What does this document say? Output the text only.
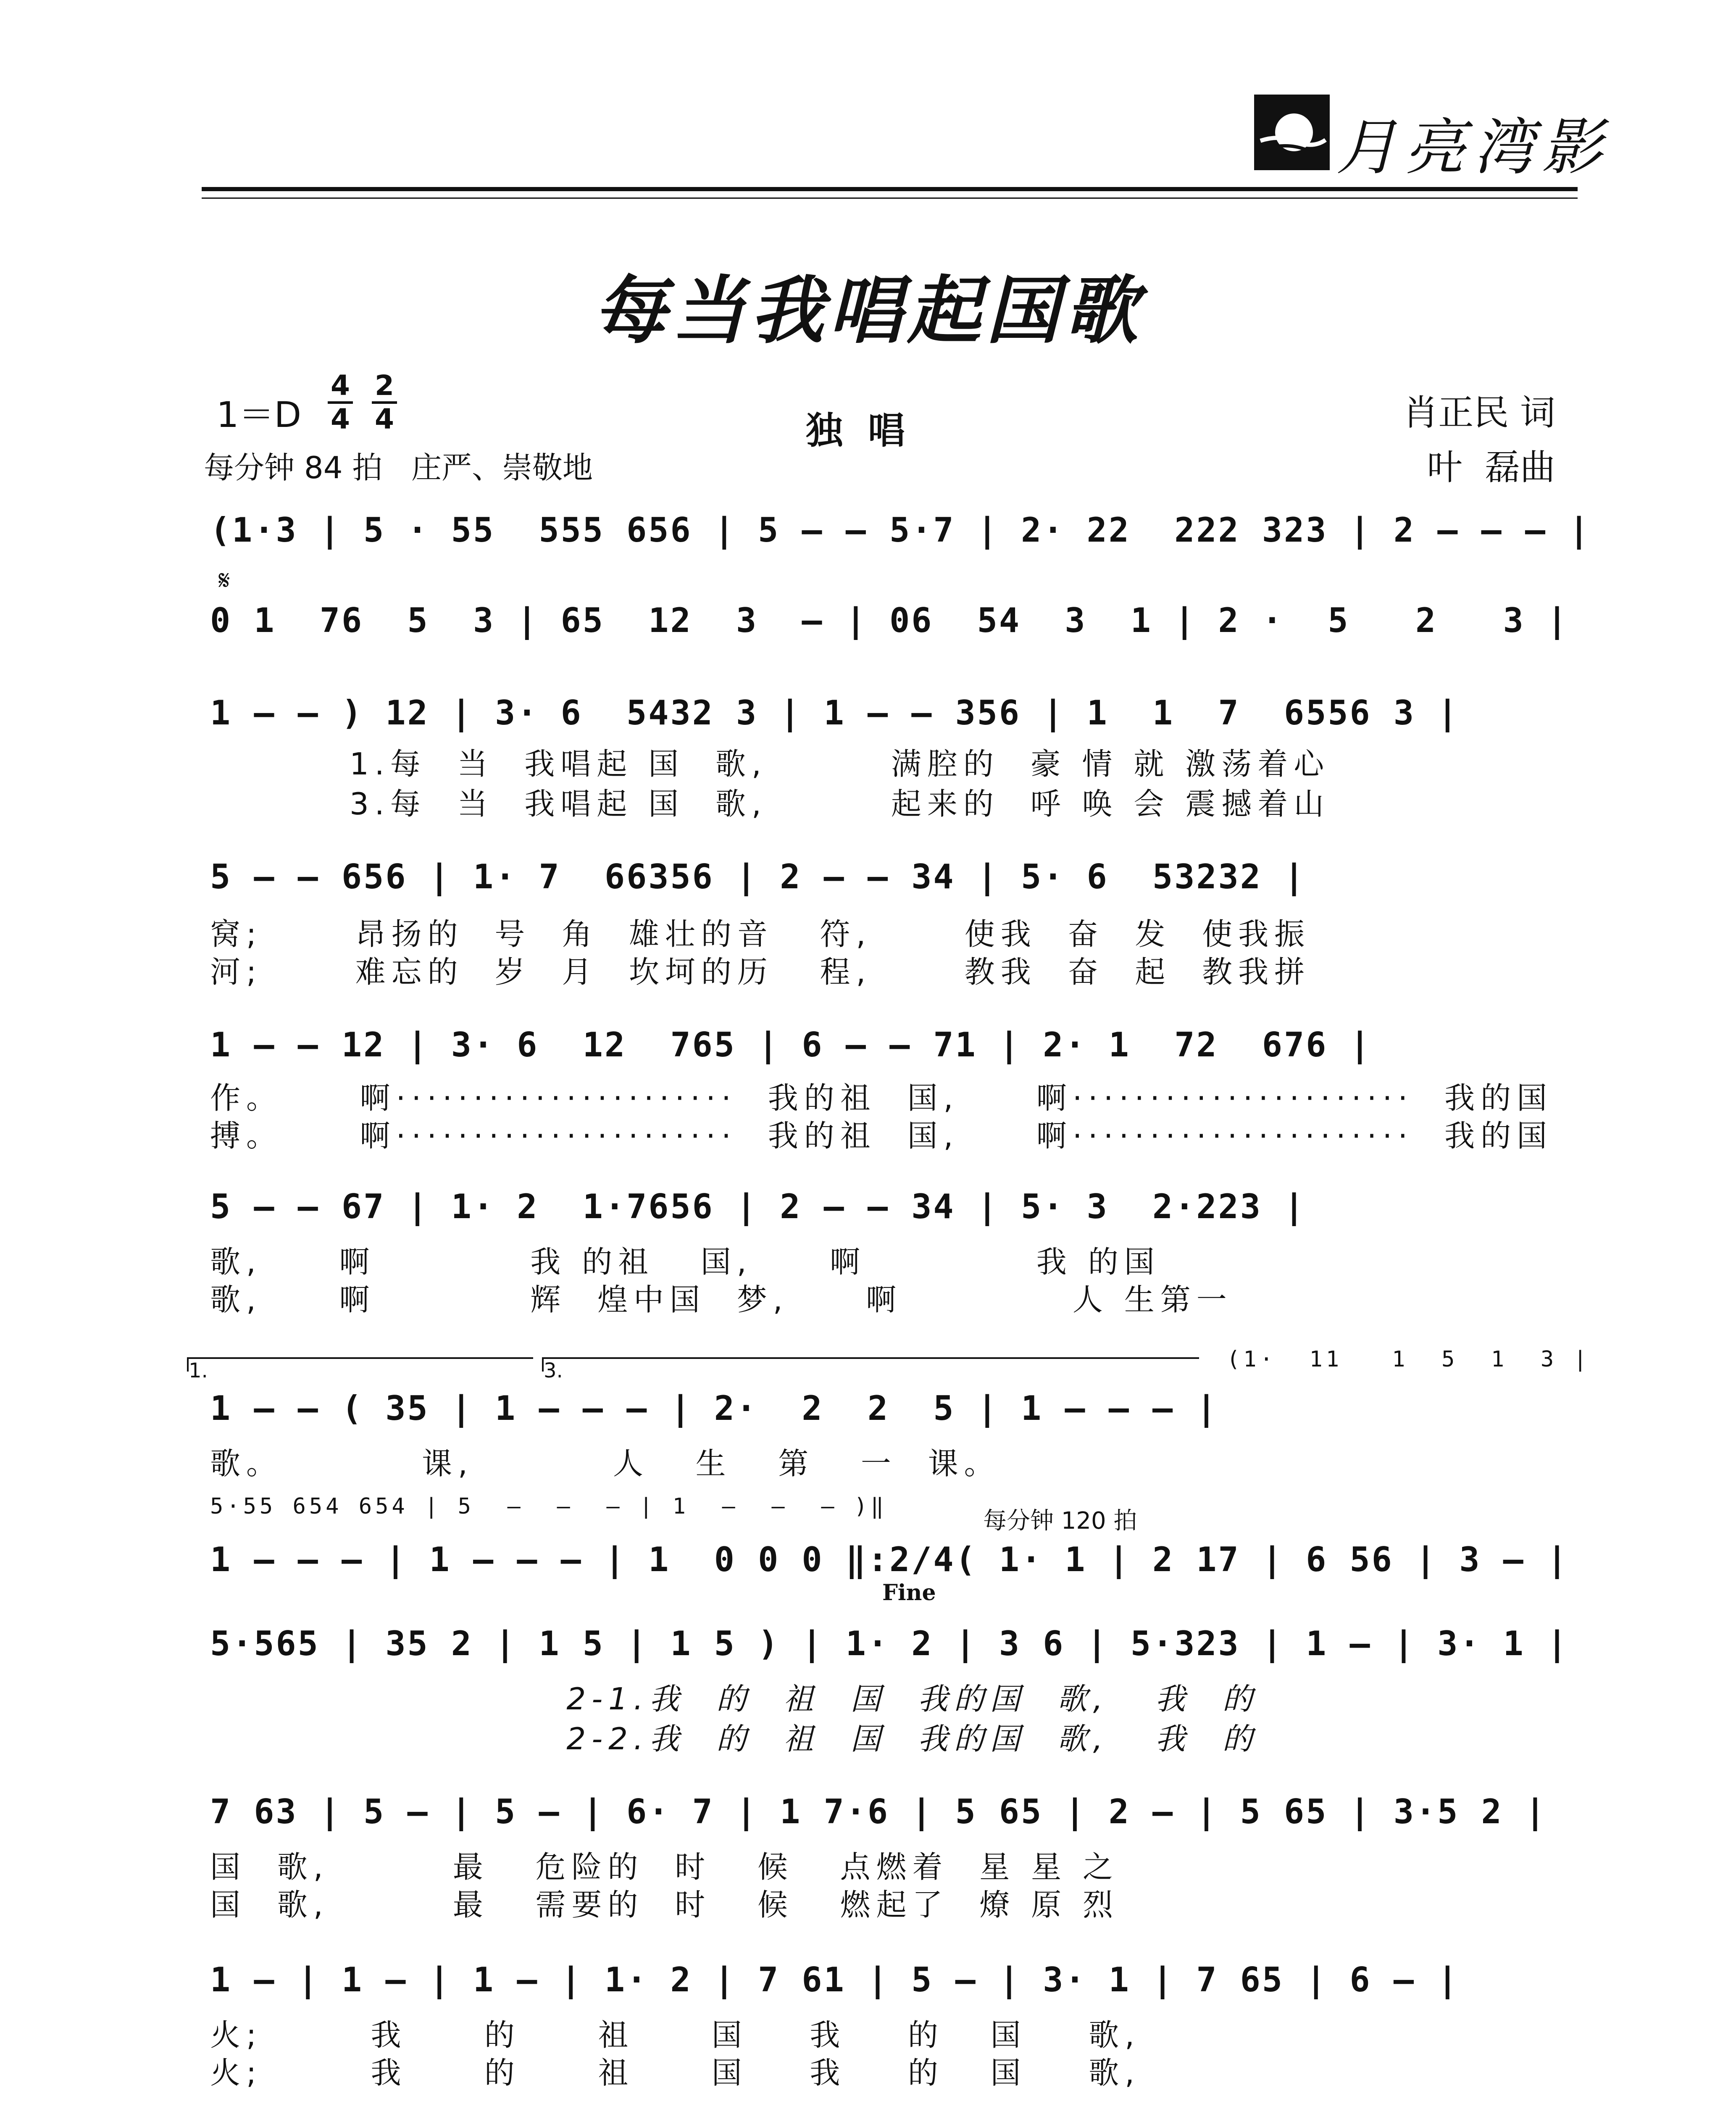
月亮湾影
每当我唱起国歌
1＝D
4
4
2
4	独唱	肖正民 词
叶  磊曲
每分钟 84 拍   庄严、崇敬地
(1·3 | 5 · 55  555 656 | 5 — — 5·7 | 2· 22  222 323 | 2 — — — |
𝄋
0 1  76  5  3 | 65  12  3  — | 06  54  3  1 | 2 ·  5   2   3 |
1 — — ) 12 | 3· 6  5432 3 | 1 — — 356 | 1  1  7  6556 3 |
1.每  当  我唱起 国  歌,        满腔的  豪 情 就 激荡着心
3.每  当  我唱起 国  歌,        起来的  呼 唤 会 震撼着山
5 — — 656 | 1· 7  66356 | 2 — — 34 | 5· 6  53232 |
窝;      昂扬的  号  角  雄壮的音   符,      使我  奋  发  使我振
河;      难忘的  岁  月  坎坷的历   程,      教我  奋  起  教我拼
1 — — 12 | 3· 6  12  765 | 6 — — 71 | 2· 1  72  676 |
作。     啊······················  我的祖  国,     啊······················  我的国
搏。     啊······················  我的祖  国,     啊······················  我的国
5 — — 67 | 1· 2  1·7656 | 2 — — 34 | 5· 3  2·223 |
歌,     啊          我 的祖   国,     啊           我 的国
歌,     啊          辉  煌中国  梦,     啊           人 生第一
1.	3.	(1·  11   1  5  1  3 |
1 — — ( 35 | 1 — — — | 2·  2  2  5 | 1 — — — |
歌。         课,         人   生   第   一  课。
5·55 654 654 | 5  —  —  — | 1  —  —  — )‖
每分钟 120 拍
1 — — — | 1 — — — | 1  0 0 0 ‖:2/4( 1· 1 | 2 17 | 6 56 | 3 — |
Fine
5·565 | 35 2 | 1 5 | 1 5 ) | 1· 2 | 3 6 | 5·323 | 1 — | 3· 1 |
2-1.我  的  祖  国  我的国  歌,   我  的
2-2.我  的  祖  国  我的国  歌,   我  的
7 63 | 5 — | 5 — | 6· 7 | 1 7·6 | 5 65 | 2 — | 5 65 | 3·5 2 |
国  歌,        最   危险的  时   候   点燃着  星 星 之
国  歌,        最   需要的  时   候   燃起了  燎 原 烈
1 — | 1 — | 1 — | 1· 2 | 7 61 | 5 — | 3· 1 | 7 65 | 6 — |
火;       我     的     祖     国    我    的   国    歌,
火;       我     的     祖     国    我    的   国    歌,
